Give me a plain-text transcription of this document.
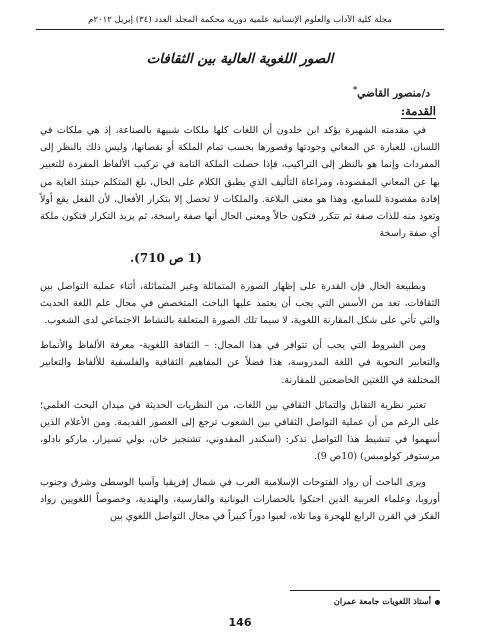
مجلة كلية الآداب والعلوم الإنسانية علمية دورية محكمة المجلد العدد (٣٤) إبريل ٢٠١٢م
الصور اللغوية العالية بين الثقافات
د/منصور القاضي*
القدمة:

في مقدمته الشهيرة يؤكد ابن خلدون أن اللغات كلها ملكات شبيهة بالصناعة، إذ هي ملكات في اللسان، للعبارة عن المعاني وجودتها وقصورها بحسب تمام الملكة أو نقصانها، وليس ذلك بالنظر إلى المفردات وإنما هو بالنظر إلى التراكيب، فإذا حصلت الملكة التامة في تركيب الألفاظ المفردة للتعبير بها عن المعاني المقصودة، ومراعاة التأليف الذي يطبق الكلام على الحال، بلغ المتكلم حينئذ الغاية من إفادة مقصودة للسامع، وهذا هو معنى البلاغة. والملكات لا تحصل إلا بتكرار الأفعال، لأن الفعل يقع أولاً وتعود منه للذات صفة ثم تتكرر فتكون حالاً ومعنى الحال أنها صفة راسخة، ثم يزيد التكرار فتكون ملكة أي صفة راسخة

(1 ص 710).

وبطبيعة الحال فإن القدرة على إظهار الصورة المتماثلة وغير المتماثلة، أثناء عملية التواصل بين الثقافات، تعد من الأسس التي يجب أن يعتمد عليها الباحث المتخصص في مجال علم اللغة الحديث والتي تأتي على شكل المقارنة اللغوية، لا سيما تلك الصورة المتعلقة بالنشاط الاجتماعي لدى الشعوب.

ومن الشروط التي يجب أن تتوافر في هذا المجال: – الثقافة اللغوية- معرفة الألفاظ والأنماط والتعابير النحوية في اللغة المدروسة، هذا فضلاً عن المفاهيم الثقافية والفلسفية للألفاظ والتعابير المختلفة في اللغتين الخاضعتين للمقارنة.

تعتبر نظرية التقابل والتماثل الثقافي بين اللغات، من النظريات الحديثة في ميدان البحث العلمي؛ على الرغم من أن عملية التواصل الثقافي بين الشعوب ترجع إلى العصور القديمة. ومن الأعلام الذين أسهموا في تنشيط هذا التواصل نذكر: (اسكندر المقدوني، تشنجيز خان، بولي تسيزار، ماركو بادلو، مرستوفر كولومبس) (10ص 9).

ويرى الباحث أن رواد الفتوحات الإسلامية العرب في شمال إفريقيا وآسيا الوسطى وشرق وجنوب أوروبا، وعلماء العربية الذين احتكوا بالحضارات اليونانية والفارسية، والهندية، وخصوصاً اللغويين رواد الفكر في القرن الرابع للهجرة وما تلاه، لعبوا دوراً كبيراً في مجال التواصل اللغوي بين

أستاذ اللغويات جامعة عمران
146
